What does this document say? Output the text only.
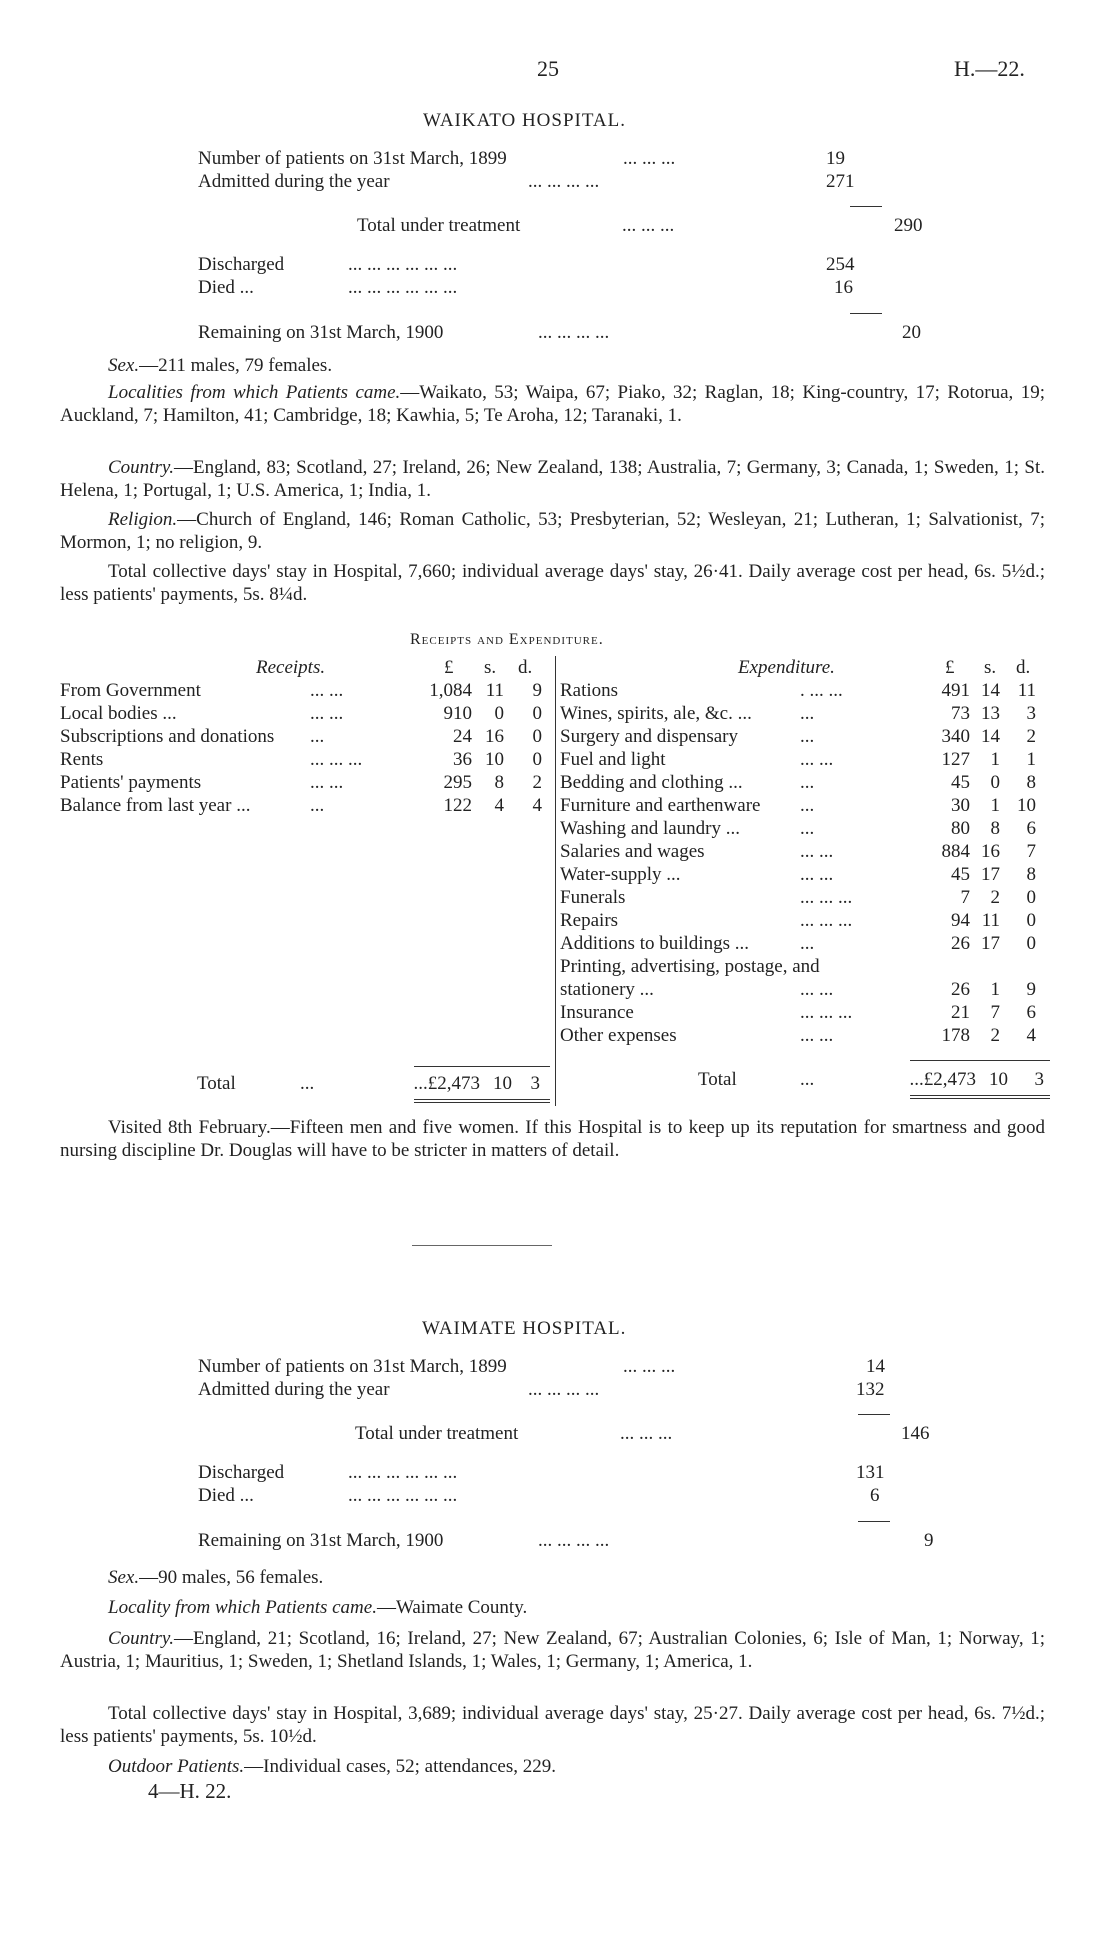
25	H.—22.
WAIKATO HOSPITAL.
Number of patients on 31st March, 1899	... ... ...	19
Admitted during the year	... ... ... ...	271
Total under treatment	... ... ...	290
Discharged	... ... ... ... ... ...	254
Died ...	... ... ... ... ... ...	16
Remaining on 31st March, 1900	... ... ... ...	20
Sex.—211 males, 79 females.
Localities from which Patients came.—Waikato, 53; Waipa, 67; Piako, 32; Raglan, 18; King-country, 17; Rotorua, 19; Auckland, 7; Hamilton, 41; Cambridge, 18; Kawhia, 5; Te Aroha, 12; Taranaki, 1.
Country.—England, 83; Scotland, 27; Ireland, 26; New Zealand, 138; Australia, 7; Germany, 3; Canada, 1; Sweden, 1; St. Helena, 1; Portugal, 1; U.S. America, 1; India, 1.
Religion.—Church of England, 146; Roman Catholic, 53; Presbyterian, 52; Wesleyan, 21; Lutheran, 1; Salvationist, 7; Mormon, 1; no religion, 9.
Total collective days' stay in Hospital, 7,660; individual average days' stay, 26·41. Daily average cost per head, 6s. 5½d.; less patients' payments, 5s. 8¼d.
Receipts and Expenditure.
Receipts.	£ s. d.
From Government	... ...	1,084 11	9
Local bodies ...	... ...	910	0	0
Subscriptions and donations ...	24 16	0
Rents	... ... ...	36 10	0
Patients' payments	... ...	295	8	2
Balance from last year ...	...	122	4	4
Total	...	...£2,473 10 3
Expenditure.	£ s. d.
Rations	. ... ...	491 14 11
Wines, spirits, ale, &c. ...	...	73 13	3
Surgery and dispensary	...	340 14	2
Fuel and light	... ...	127	1	1
Bedding and clothing ...	...	45	0	8
Furniture and earthenware ...	30	1 10
Washing and laundry ...	...	80	8	6
Salaries and wages	... ...	884 16	7
Water-supply ...	... ...	45 17	8
Funerals	... ... ...	7	2	0
Repairs	... ... ...	94 11	0
Additions to buildings ...	...	26 17	0
Printing, advertising, postage, and
stationery ...	... ...	26	1	9
Insurance	... ... ...	21	7	6
Other expenses	... ...	178	2	4
Total	...	...£2,473 10	3
Visited 8th February.—Fifteen men and five women. If this Hospital is to keep up its reputation for smartness and good nursing discipline Dr. Douglas will have to be stricter in matters of detail.
WAIMATE HOSPITAL.
Number of patients on 31st March, 1899	... ... ...	14
Admitted during the year	... ... ... ...	132
Total under treatment	... ... ...	146
Discharged	... ... ... ... ... ...	131
Died ...	... ... ... ... ... ...	6
Remaining on 31st March, 1900	... ... ... ...	9
Sex.—90 males, 56 females.
Locality from which Patients came.—Waimate County.
Country.—England, 21; Scotland, 16; Ireland, 27; New Zealand, 67; Australian Colonies, 6; Isle of Man, 1; Norway, 1; Austria, 1; Mauritius, 1; Sweden, 1; Shetland Islands, 1; Wales, 1; Germany, 1; America, 1.
Total collective days' stay in Hospital, 3,689; individual average days' stay, 25·27. Daily average cost per head, 6s. 7½d.; less patients' payments, 5s. 10½d.
Outdoor Patients.—Individual cases, 52; attendances, 229.
4—H. 22.
